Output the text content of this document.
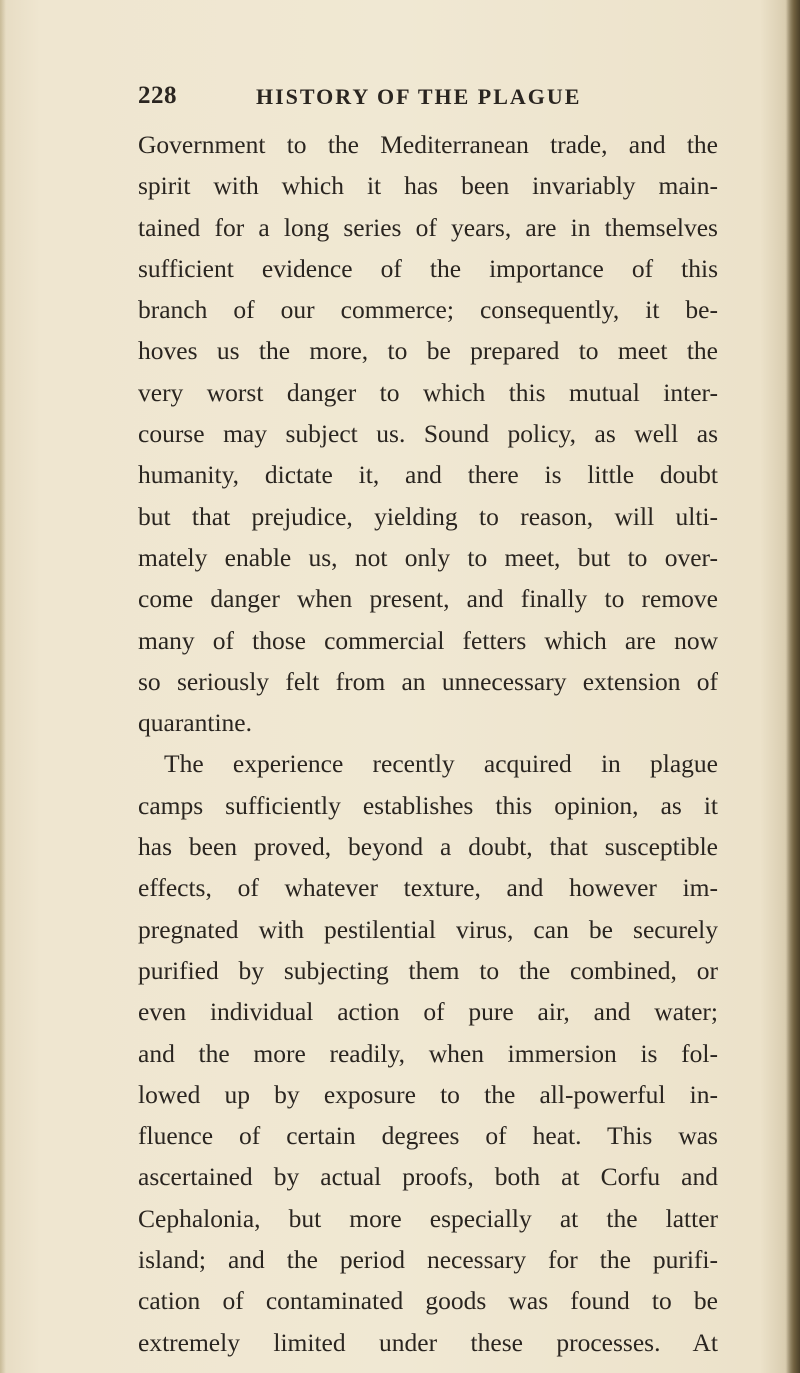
228	HISTORY OF THE PLAGUE
Government to the Mediterranean trade, and the
spirit with which it has been invariably main-
tained for a long series of years, are in themselves
sufficient evidence of the importance of this
branch of our commerce; consequently, it be-
hoves us the more, to be prepared to meet the
very worst danger to which this mutual inter-
course may subject us. Sound policy, as well as
humanity, dictate it, and there is little doubt
but that prejudice, yielding to reason, will ulti-
mately enable us, not only to meet, but to over-
come danger when present, and finally to remove
many of those commercial fetters which are now
so seriously felt from an unnecessary extension of
quarantine.
The experience recently acquired in plague
camps sufficiently establishes this opinion, as it
has been proved, beyond a doubt, that susceptible
effects, of whatever texture, and however im-
pregnated with pestilential virus, can be securely
purified by subjecting them to the combined, or
even individual action of pure air, and water;
and the more readily, when immersion is fol-
lowed up by exposure to the all-powerful in-
fluence of certain degrees of heat. This was
ascertained by actual proofs, both at Corfu and
Cephalonia, but more especially at the latter
island; and the period necessary for the purifi-
cation of contaminated goods was found to be
extremely limited under these processes. At
